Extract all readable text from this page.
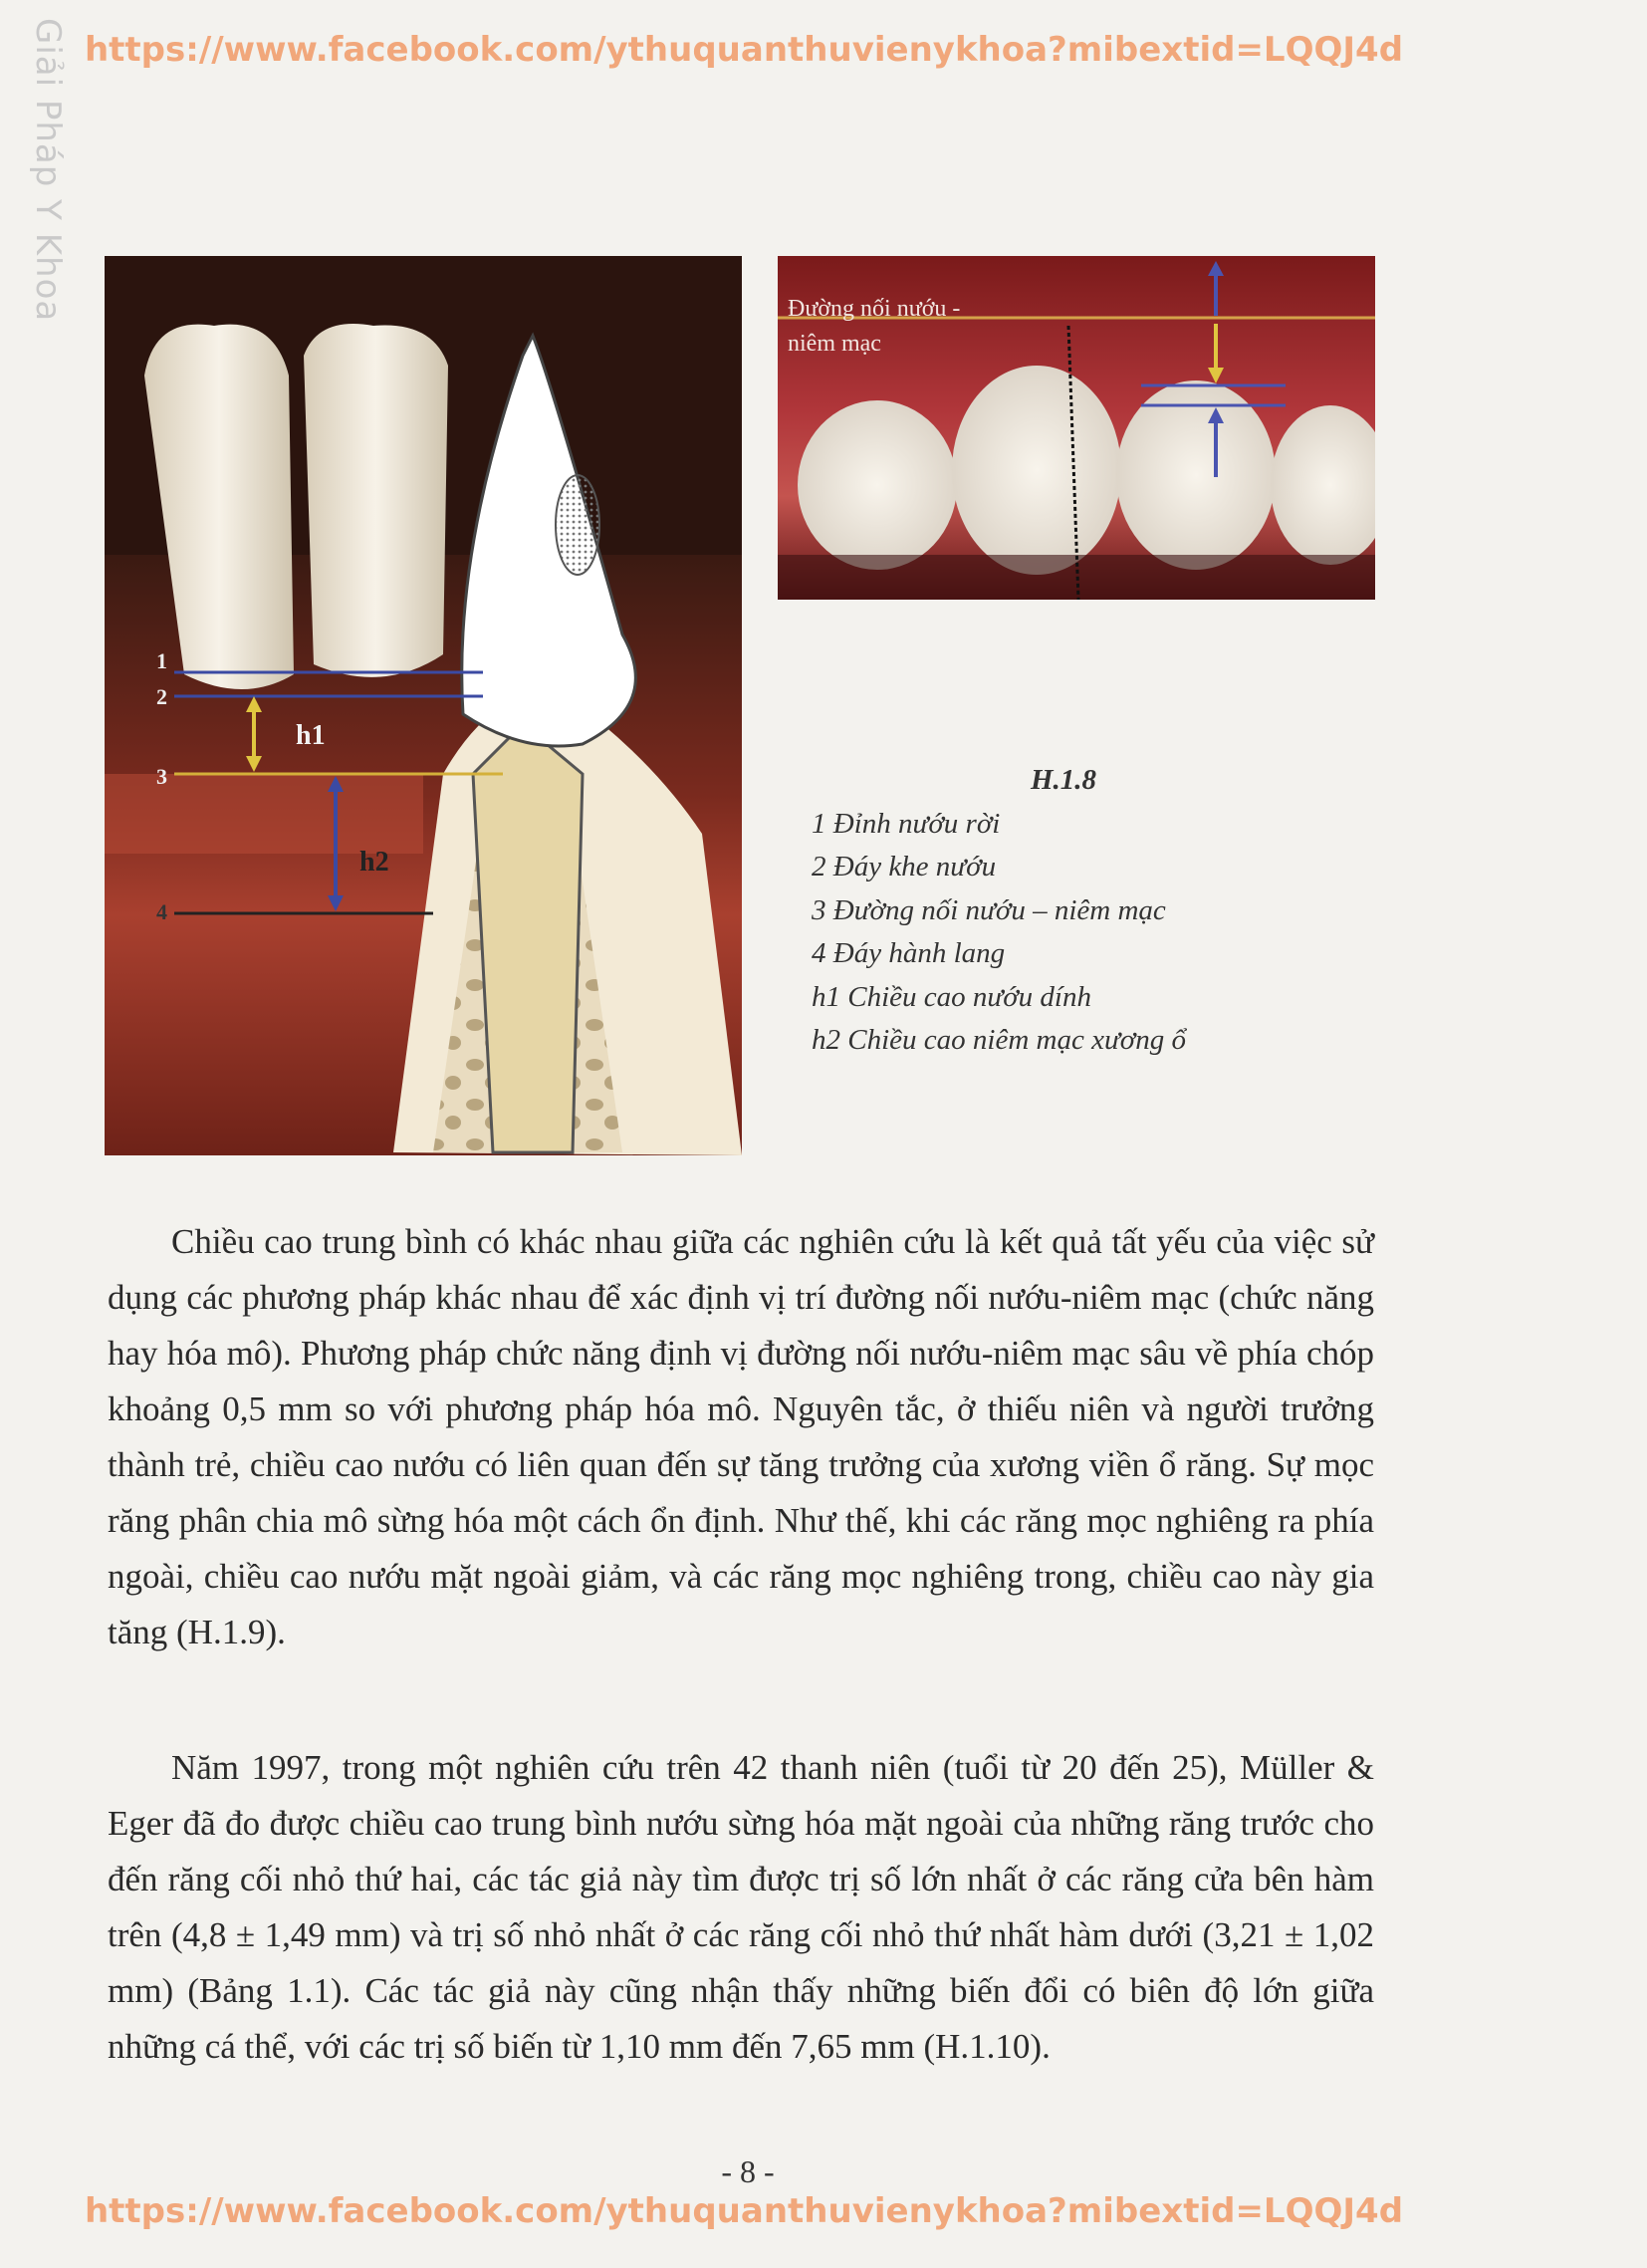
Giải Pháp Y Khoa https://www.facebook.com/ythuquanthuvienykhoa?mibextid=LQQJ4d
1
2
3
4
h1
h2
Đường nối nướu -
niêm mạc
H.1.8
1 Đỉnh nướu rời
2 Đáy khe nướu
3 Đường nối nướu – niêm mạc
4 Đáy hành lang
h1 Chiều cao nướu dính
h2 Chiều cao niêm mạc xương ổ

Chiều cao trung bình có khác nhau giữa các nghiên cứu là kết quả tất yếu của việc sử dụng các phương pháp khác nhau để xác định vị trí đường nối nướu-niêm mạc (chức năng hay hóa mô). Phương pháp chức năng định vị đường nối nướu-niêm mạc sâu về phía chóp khoảng 0,5 mm so với phương pháp hóa mô. Nguyên tắc, ở thiếu niên và người trưởng thành trẻ, chiều cao nướu có liên quan đến sự tăng trưởng của xương viền ổ răng. Sự mọc răng phân chia mô sừng hóa một cách ổn định. Như thế, khi các răng mọc nghiêng ra phía ngoài, chiều cao nướu mặt ngoài giảm, và các răng mọc nghiêng trong, chiều cao này gia tăng (H.1.9).

Năm 1997, trong một nghiên cứu trên 42 thanh niên (tuổi từ 20 đến 25), Müller & Eger đã đo được chiều cao trung bình nướu sừng hóa mặt ngoài của những răng trước cho đến răng cối nhỏ thứ hai, các tác giả này tìm được trị số lớn nhất ở các răng cửa bên hàm trên (4,8 ± 1,49 mm) và trị số nhỏ nhất ở các răng cối nhỏ thứ nhất hàm dưới (3,21 ± 1,02 mm) (Bảng 1.1). Các tác giả này cũng nhận thấy những biến đổi có biên độ lớn giữa những cá thể, với các trị số biến từ 1,10 mm đến 7,65 mm (H.1.10).

- 8 -
https://www.facebook.com/ythuquanthuvienykhoa?mibextid=LQQJ4d
